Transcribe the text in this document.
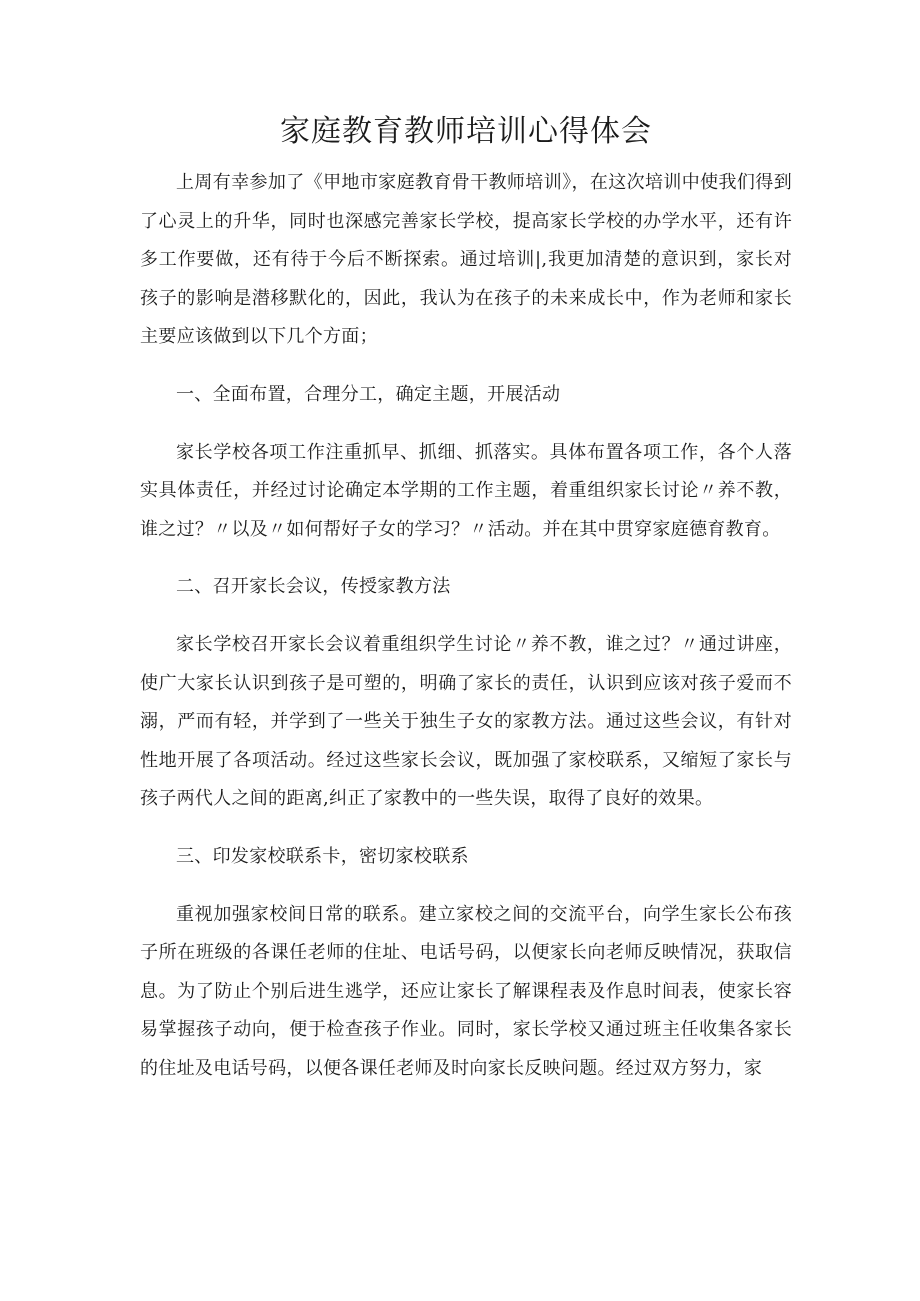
家庭教育教师培训心得体会

上周有幸参加了《甲地市家庭教育骨干教师培训》，在这次培训中使我们得到了心灵上的升华，同时也深感完善家长学校，提高家长学校的办学水平，还有许多工作要做，还有待于今后不断探索。通过培训|,我更加清楚的意识到，家长对孩子的影响是潜移默化的，因此，我认为在孩子的未来成长中，作为老师和家长主要应该做到以下几个方面；

一、全面布置，合理分工，确定主题，开展活动

家长学校各项工作注重抓早、抓细、抓落实。具体布置各项工作，各个人落实具体责任，并经过讨论确定本学期的工作主题，着重组织家长讨论〃养不教，谁之过？〃以及〃如何帮好子女的学习？〃活动。并在其中贯穿家庭德育教育。

二、召开家长会议，传授家教方法

家长学校召开家长会议着重组织学生讨论〃养不教，谁之过？〃通过讲座，使广大家长认识到孩子是可塑的，明确了家长的责任，认识到应该对孩子爱而不溺，严而有轻，并学到了一些关于独生子女的家教方法。通过这些会议，有针对性地开展了各项活动。经过这些家长会议，既加强了家校联系，又缩短了家长与孩子两代人之间的距离,纠正了家教中的一些失误，取得了良好的效果。

三、印发家校联系卡，密切家校联系

重视加强家校间日常的联系。建立家校之间的交流平台，向学生家长公布孩子所在班级的各课任老师的住址、电话号码，以便家长向老师反映情况，获取信息。为了防止个别后进生逃学，还应让家长了解课程表及作息时间表，使家长容易掌握孩子动向，便于检查孩子作业。同时，家长学校又通过班主任收集各家长的住址及电话号码，以便各课任老师及时向家长反映问题。经过双方努力，家
